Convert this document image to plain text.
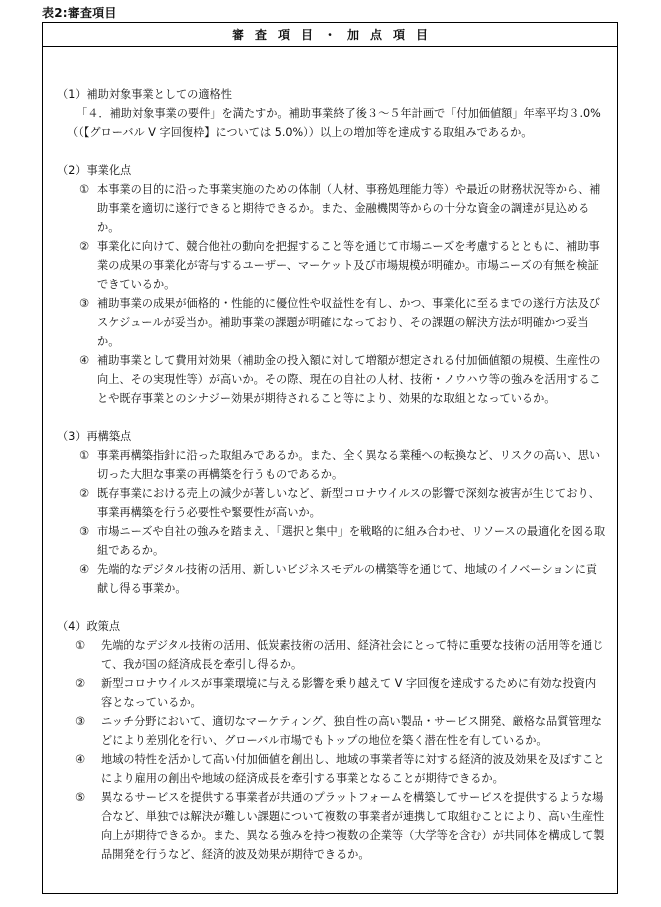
表2:審査項目
審査項目・加点項目

（1）補助対象事業としての適格性

「４．補助対象事業の要件」を満たすか。補助事業終了後３～５年計画で「付加価値額」年率平均３.0%（（【グローバル V 字回復枠】については 5.0%））以上の増加等を達成する取組みであるか。

（2）事業化点

① 本事業の目的に沿った事業実施のための体制（人材、事務処理能力等）や最近の財務状況等から、補助事業を適切に遂行できると期待できるか。また、金融機関等からの十分な資金の調達が見込めるか。
② 事業化に向けて、競合他社の動向を把握すること等を通じて市場ニーズを考慮するとともに、補助事業の成果の事業化が寄与するユーザー、マーケット及び市場規模が明確か。市場ニーズの有無を検証できているか。
③ 補助事業の成果が価格的・性能的に優位性や収益性を有し、かつ、事業化に至るまでの遂行方法及びスケジュールが妥当か。補助事業の課題が明確になっており、その課題の解決方法が明確かつ妥当か。
④ 補助事業として費用対効果（補助金の投入額に対して増額が想定される付加価値額の規模、生産性の向上、その実現性等）が高いか。その際、現在の自社の人材、技術・ノウハウ等の強みを活用することや既存事業とのシナジー効果が期待されること等により、効果的な取組となっているか。

（3）再構築点

① 事業再構築指針に沿った取組みであるか。また、全く異なる業種への転換など、リスクの高い、思い切った大胆な事業の再構築を行うものであるか。
② 既存事業における売上の減少が著しいなど、新型コロナウイルスの影響で深刻な被害が生じており、事業再構築を行う必要性や緊要性が高いか。
③ 市場ニーズや自社の強みを踏まえ、「選択と集中」を戦略的に組み合わせ、リソースの最適化を図る取組であるか。
④ 先端的なデジタル技術の活用、新しいビジネスモデルの構築等を通じて、地域のイノベーションに貢献し得る事業か。

（4）政策点

①	先端的なデジタル技術の活用、低炭素技術の活用、経済社会にとって特に重要な技術の活用等を通じて、我が国の経済成長を牽引し得るか。
②	新型コロナウイルスが事業環境に与える影響を乗り越えて V 字回復を達成するために有効な投資内容となっているか。
③	ニッチ分野において、適切なマーケティング、独自性の高い製品・サービス開発、厳格な品質管理などにより差別化を行い、グローバル市場でもトップの地位を築く潜在性を有しているか。
④	地域の特性を活かして高い付加価値を創出し、地域の事業者等に対する経済的波及効果を及ぼすことにより雇用の創出や地域の経済成長を牽引する事業となることが期待できるか。
⑤	異なるサービスを提供する事業者が共通のプラットフォームを構築してサービスを提供するような場合など、単独では解決が難しい課題について複数の事業者が連携して取組むことにより、高い生産性向上が期待できるか。また、異なる強みを持つ複数の企業等（大学等を含む）が共同体を構成して製品開発を行うなど、経済的波及効果が期待できるか。
